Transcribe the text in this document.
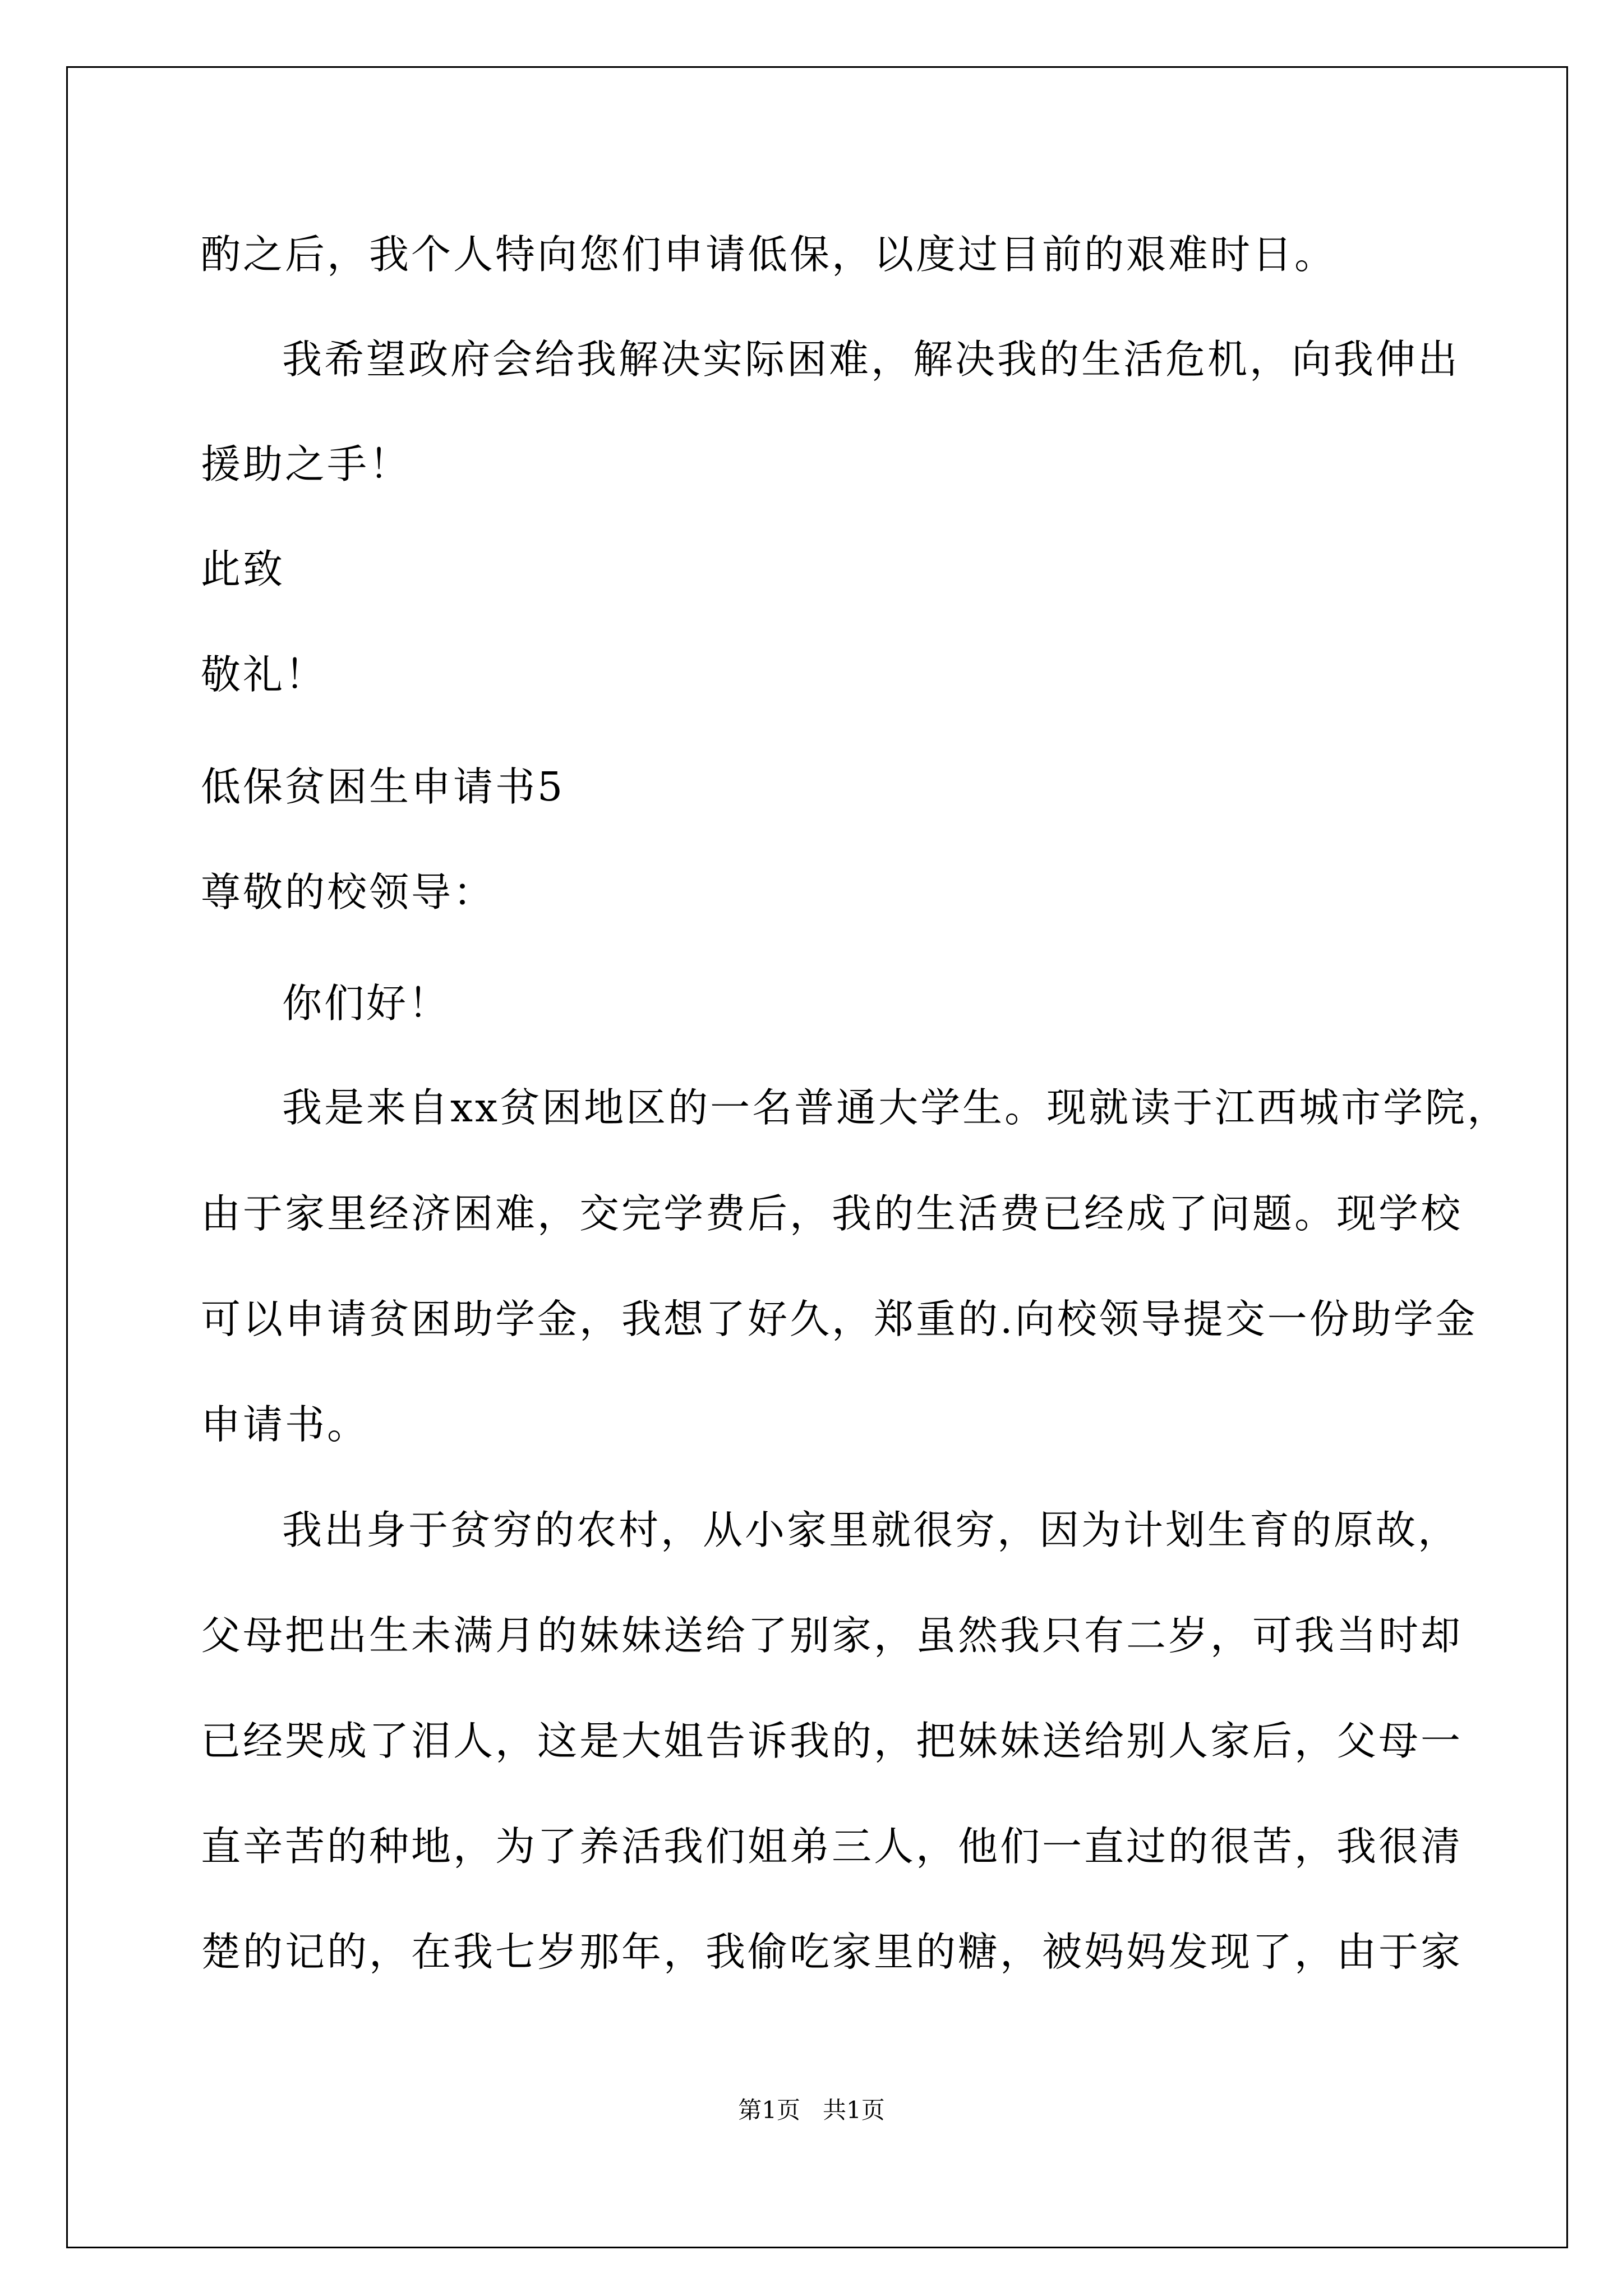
酌之后，我个人特向您们申请低保，以度过目前的艰难时日。
我希望政府会给我解决实际困难，解决我的生活危机，向我伸出
援助之手！
此致
敬礼！
低保贫困生申请书5
尊敬的校领导：
你们好！
我是来自xx贫困地区的一名普通大学生。现就读于江西城市学院，
由于家里经济困难，交完学费后，我的生活费已经成了问题。现学校
可以申请贫困助学金，我想了好久，郑重的.向校领导提交一份助学金
申请书。
我出身于贫穷的农村，从小家里就很穷，因为计划生育的原故，
父母把出生未满月的妹妹送给了别家，虽然我只有二岁，可我当时却
已经哭成了泪人，这是大姐告诉我的，把妹妹送给别人家后，父母一
直辛苦的种地，为了养活我们姐弟三人，他们一直过的很苦，我很清
楚的记的，在我七岁那年，我偷吃家里的糖，被妈妈发现了，由于家
第1页   共1页
